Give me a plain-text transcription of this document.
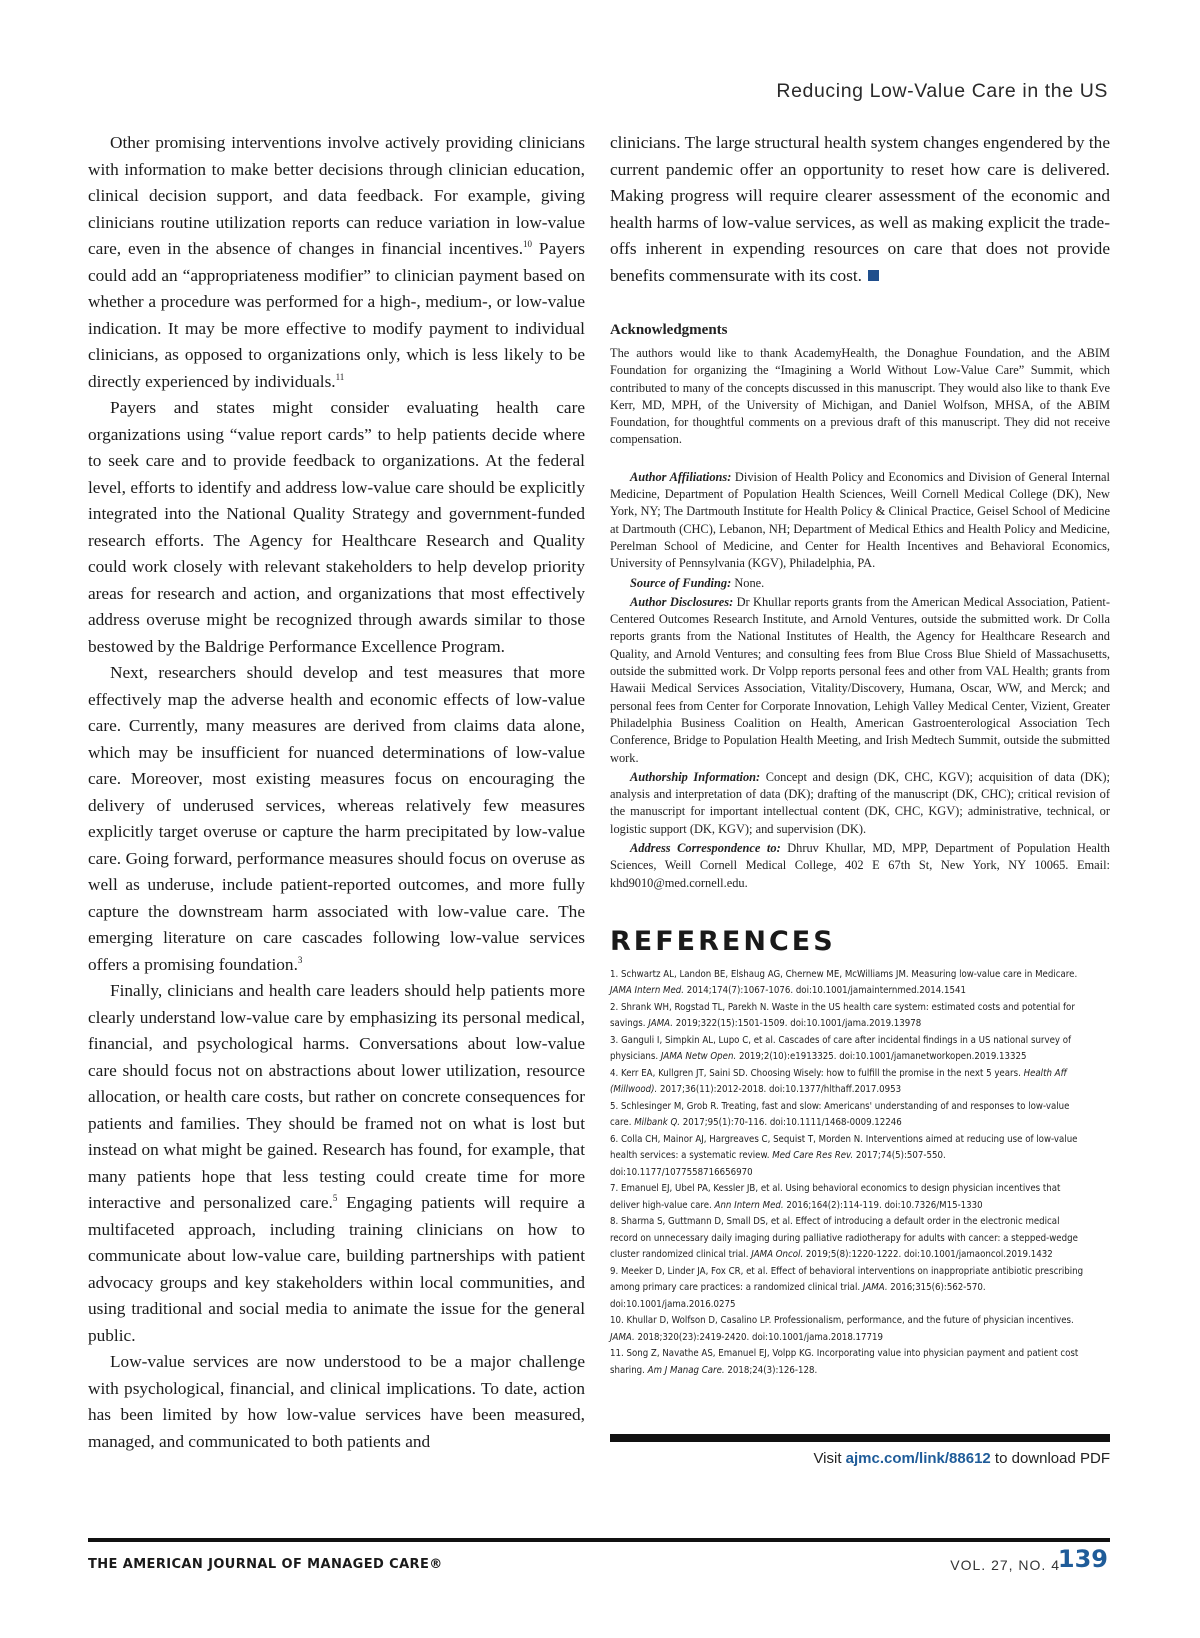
Reducing Low-Value Care in the US

Other promising interventions involve actively providing clinicians with information to make better decisions through clinician education, clinical decision support, and data feedback. For example, giving clinicians routine utilization reports can reduce variation in low-value care, even in the absence of changes in financial incentives.$^{10}$ Payers could add an “appropriateness modifier” to clinician payment based on whether a procedure was performed for a high-, medium-, or low-value indication. It may be more effective to modify payment to individual clinicians, as opposed to organizations only, which is less likely to be directly experienced by individuals.$^{11}$

Payers and states might consider evaluating health care organizations using “value report cards” to help patients decide where to seek care and to provide feedback to organizations. At the federal level, efforts to identify and address low-value care should be explicitly integrated into the National Quality Strategy and government-funded research efforts. The Agency for Healthcare Research and Quality could work closely with relevant stakeholders to help develop priority areas for research and action, and organizations that most effectively address overuse might be recognized through awards similar to those bestowed by the Baldrige Performance Excellence Program.

Next, researchers should develop and test measures that more effectively map the adverse health and economic effects of low-value care. Currently, many measures are derived from claims data alone, which may be insufficient for nuanced determinations of low-value care. Moreover, most existing measures focus on encouraging the delivery of underused services, whereas relatively few measures explicitly target overuse or capture the harm precipitated by low-value care. Going forward, performance measures should focus on overuse as well as underuse, include patient-reported outcomes, and more fully capture the downstream harm associated with low-value care. The emerging literature on care cascades following low-value services offers a promising foundation.$^3$

Finally, clinicians and health care leaders should help patients more clearly understand low-value care by emphasizing its personal medical, financial, and psychological harms. Conversations about low-value care should focus not on abstractions about lower utilization, resource allocation, or health care costs, but rather on concrete consequences for patients and families. They should be framed not on what is lost but instead on what might be gained. Research has found, for example, that many patients hope that less testing could create time for more interactive and personalized care.$^5$ Engaging patients will require a multifaceted approach, including training clinicians on how to communicate about low-value care, building partnerships with patient advocacy groups and key stakeholders within local communities, and using traditional and social media to animate the issue for the general public.

Low-value services are now understood to be a major challenge with psychological, financial, and clinical implications. To date, action has been limited by how low-value services have been measured, managed, and communicated to both patients and

clinicians. The large structural health system changes engendered by the current pandemic offer an opportunity to reset how care is delivered. Making progress will require clearer assessment of the economic and health harms of low-value services, as well as making explicit the trade-offs inherent in expending resources on care that does not provide benefits commensurate with its cost.

Acknowledgments

The authors would like to thank AcademyHealth, the Donaghue Foundation, and the ABIM Foundation for organizing the “Imagining a World Without Low-Value Care” Summit, which contributed to many of the concepts discussed in this manuscript. They would also like to thank Eve Kerr, MD, MPH, of the University of Michigan, and Daniel Wolfson, MHSA, of the ABIM Foundation, for thoughtful comments on a previous draft of this manuscript. They did not receive compensation.

Author Affiliations: Division of Health Policy and Economics and Division of General Internal Medicine, Department of Population Health Sciences, Weill Cornell Medical College (DK), New York, NY; The Dartmouth Institute for Health Policy & Clinical Practice, Geisel School of Medicine at Dartmouth (CHC), Lebanon, NH; Department of Medical Ethics and Health Policy and Medicine, Perelman School of Medicine, and Center for Health Incentives and Behavioral Economics, University of Pennsylvania (KGV), Philadelphia, PA.

Source of Funding: None.

Author Disclosures: Dr Khullar reports grants from the American Medical Association, Patient-Centered Outcomes Research Institute, and Arnold Ventures, outside the submitted work. Dr Colla reports grants from the National Institutes of Health, the Agency for Healthcare Research and Quality, and Arnold Ventures; and consulting fees from Blue Cross Blue Shield of Massachusetts, outside the submitted work. Dr Volpp reports personal fees and other from VAL Health; grants from Hawaii Medical Services Association, Vitality/Discovery, Humana, Oscar, WW, and Merck; and personal fees from Center for Corporate Innovation, Lehigh Valley Medical Center, Vizient, Greater Philadelphia Business Coalition on Health, American Gastroenterological Association Tech Conference, Bridge to Population Health Meeting, and Irish Medtech Summit, outside the submitted work.

Authorship Information: Concept and design (DK, CHC, KGV); acquisition of data (DK); analysis and interpretation of data (DK); drafting of the manuscript (DK, CHC); critical revision of the manuscript for important intellectual content (DK, CHC, KGV); administrative, technical, or logistic support (DK, KGV); and supervision (DK).

Address Correspondence to: Dhruv Khullar, MD, MPP, Department of Population Health Sciences, Weill Cornell Medical College, 402 E 67th St, New York, NY 10065. Email: khd9010@med.cornell.edu.

REFERENCES

1. Schwartz AL, Landon BE, Elshaug AG, Chernew ME, McWilliams JM. Measuring low-value care in Medicare. JAMA Intern Med. 2014;174(7):1067-1076. doi:10.1001/jamainternmed.2014.1541

2. Shrank WH, Rogstad TL, Parekh N. Waste in the US health care system: estimated costs and potential for savings. JAMA. 2019;322(15):1501-1509. doi:10.1001/jama.2019.13978

3. Ganguli I, Simpkin AL, Lupo C, et al. Cascades of care after incidental findings in a US national survey of physicians. JAMA Netw Open. 2019;2(10):e1913325. doi:10.1001/jamanetworkopen.2019.13325

4. Kerr EA, Kullgren JT, Saini SD. Choosing Wisely: how to fulfill the promise in the next 5 years. Health Aff (Millwood). 2017;36(11):2012-2018. doi:10.1377/hlthaff.2017.0953

5. Schlesinger M, Grob R. Treating, fast and slow: Americans' understanding of and responses to low-value care. Milbank Q. 2017;95(1):70-116. doi:10.1111/1468-0009.12246

6. Colla CH, Mainor AJ, Hargreaves C, Sequist T, Morden N. Interventions aimed at reducing use of low-value health services: a systematic review. Med Care Res Rev. 2017;74(5):507-550. doi:10.1177/1077558716656970

7. Emanuel EJ, Ubel PA, Kessler JB, et al. Using behavioral economics to design physician incentives that deliver high-value care. Ann Intern Med. 2016;164(2):114-119. doi:10.7326/M15-1330

8. Sharma S, Guttmann D, Small DS, et al. Effect of introducing a default order in the electronic medical record on unnecessary daily imaging during palliative radiotherapy for adults with cancer: a stepped-wedge cluster randomized clinical trial. JAMA Oncol. 2019;5(8):1220-1222. doi:10.1001/jamaoncol.2019.1432

9. Meeker D, Linder JA, Fox CR, et al. Effect of behavioral interventions on inappropriate antibiotic prescribing among primary care practices: a randomized clinical trial. JAMA. 2016;315(6):562-570. doi:10.1001/jama.2016.0275

10. Khullar D, Wolfson D, Casalino LP. Professionalism, performance, and the future of physician incentives. JAMA. 2018;320(23):2419-2420. doi:10.1001/jama.2018.17719

11. Song Z, Navathe AS, Emanuel EJ, Volpp KG. Incorporating value into physician payment and patient cost sharing. Am J Manag Care. 2018;24(3):126-128.

Visit ajmc.com/link/88612 to download PDF
THE AMERICAN JOURNAL OF MANAGED CARE®	VOL. 27, NO. 4
139
